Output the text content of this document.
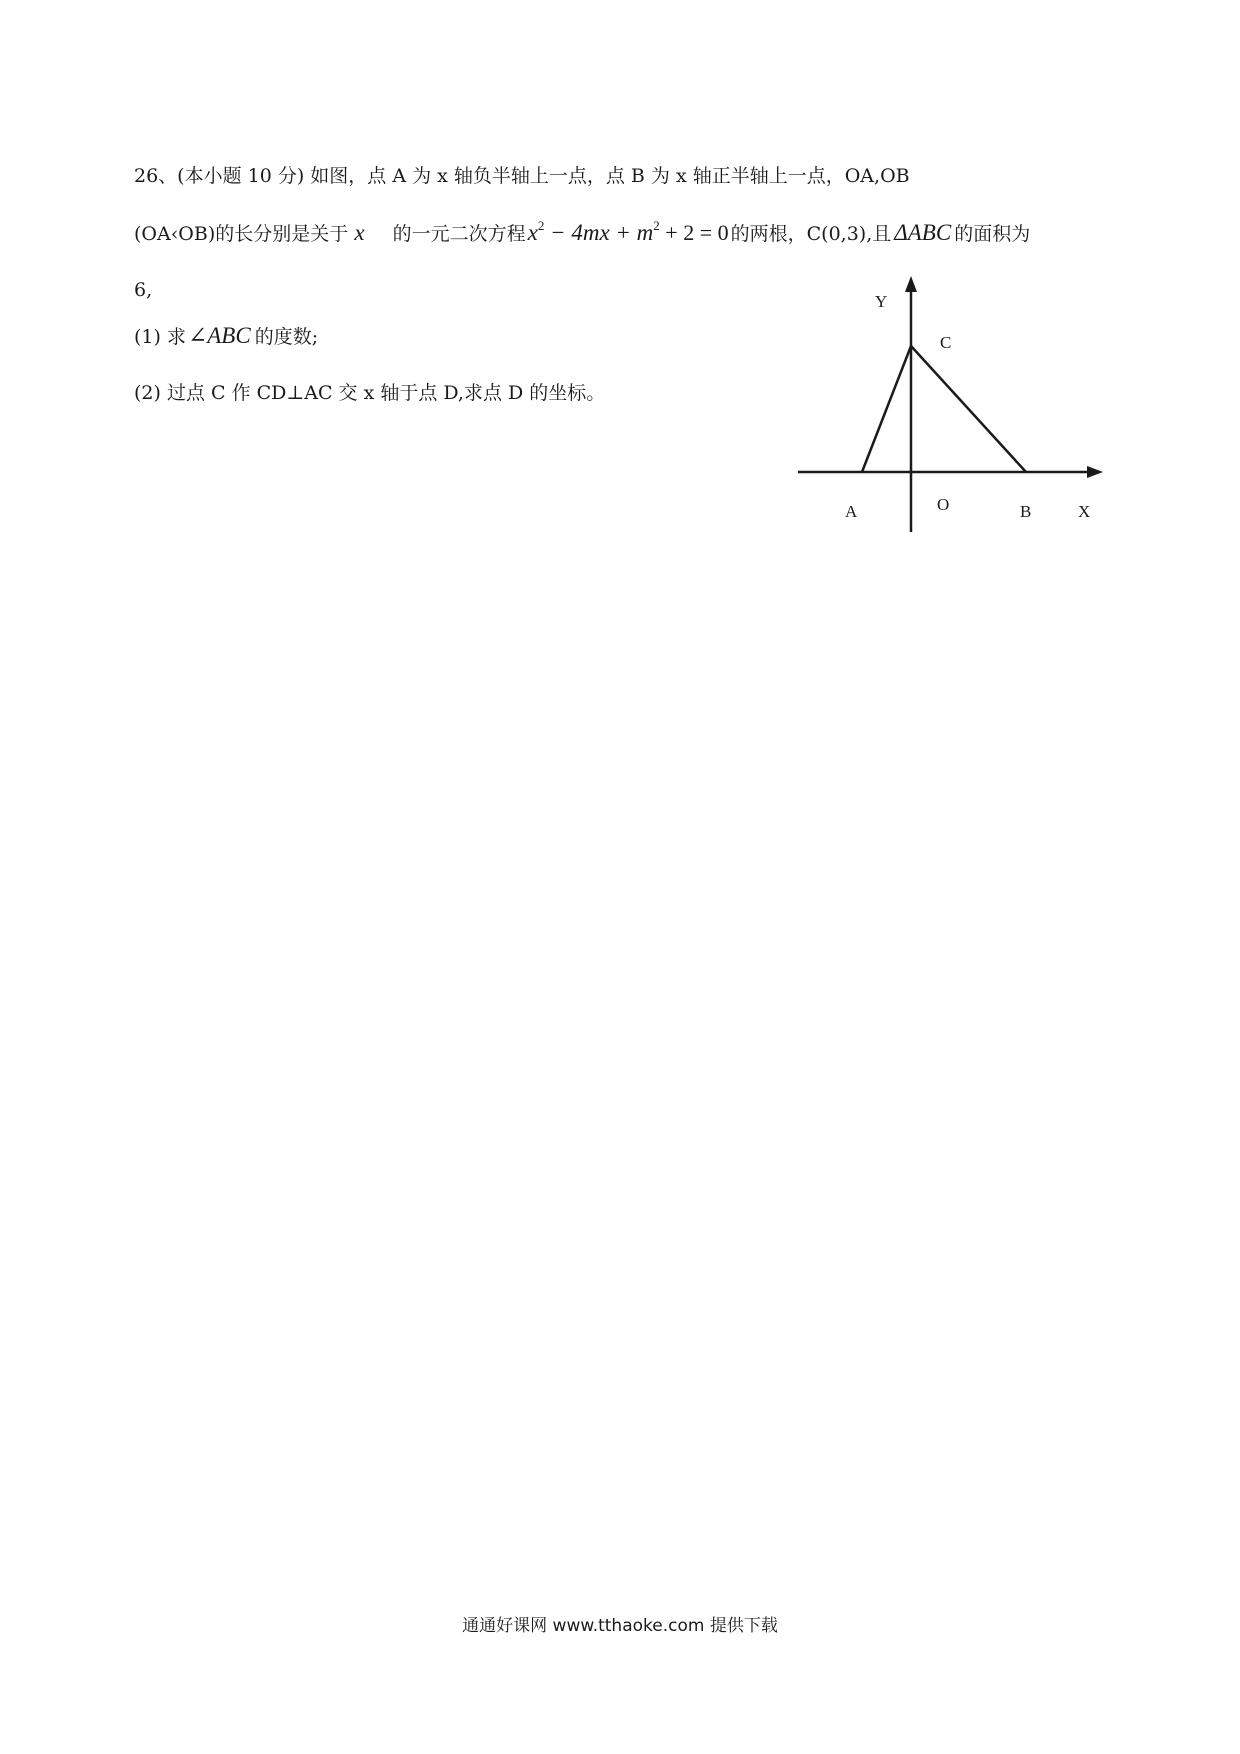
26、(本小题 10 分) 如图，点 A 为 x 轴负半轴上一点，点 B 为 x 轴正半轴上一点，OA,OB
(OA‹OB)的长分别是关于 x 的一元二次方程$x^2 - 4mx + m^2 + 2 = 0$ 的两根，C(0,3),且 ΔABC 的面积为
6,
(1) 求∠ABC 的度数;
(2) 过点 C 作 CD⊥AC 交 x 轴于点 D,求点 D 的坐标。
Y
C
A	O	B	X
通通好课网 www.tthaoke.com 提供下载
